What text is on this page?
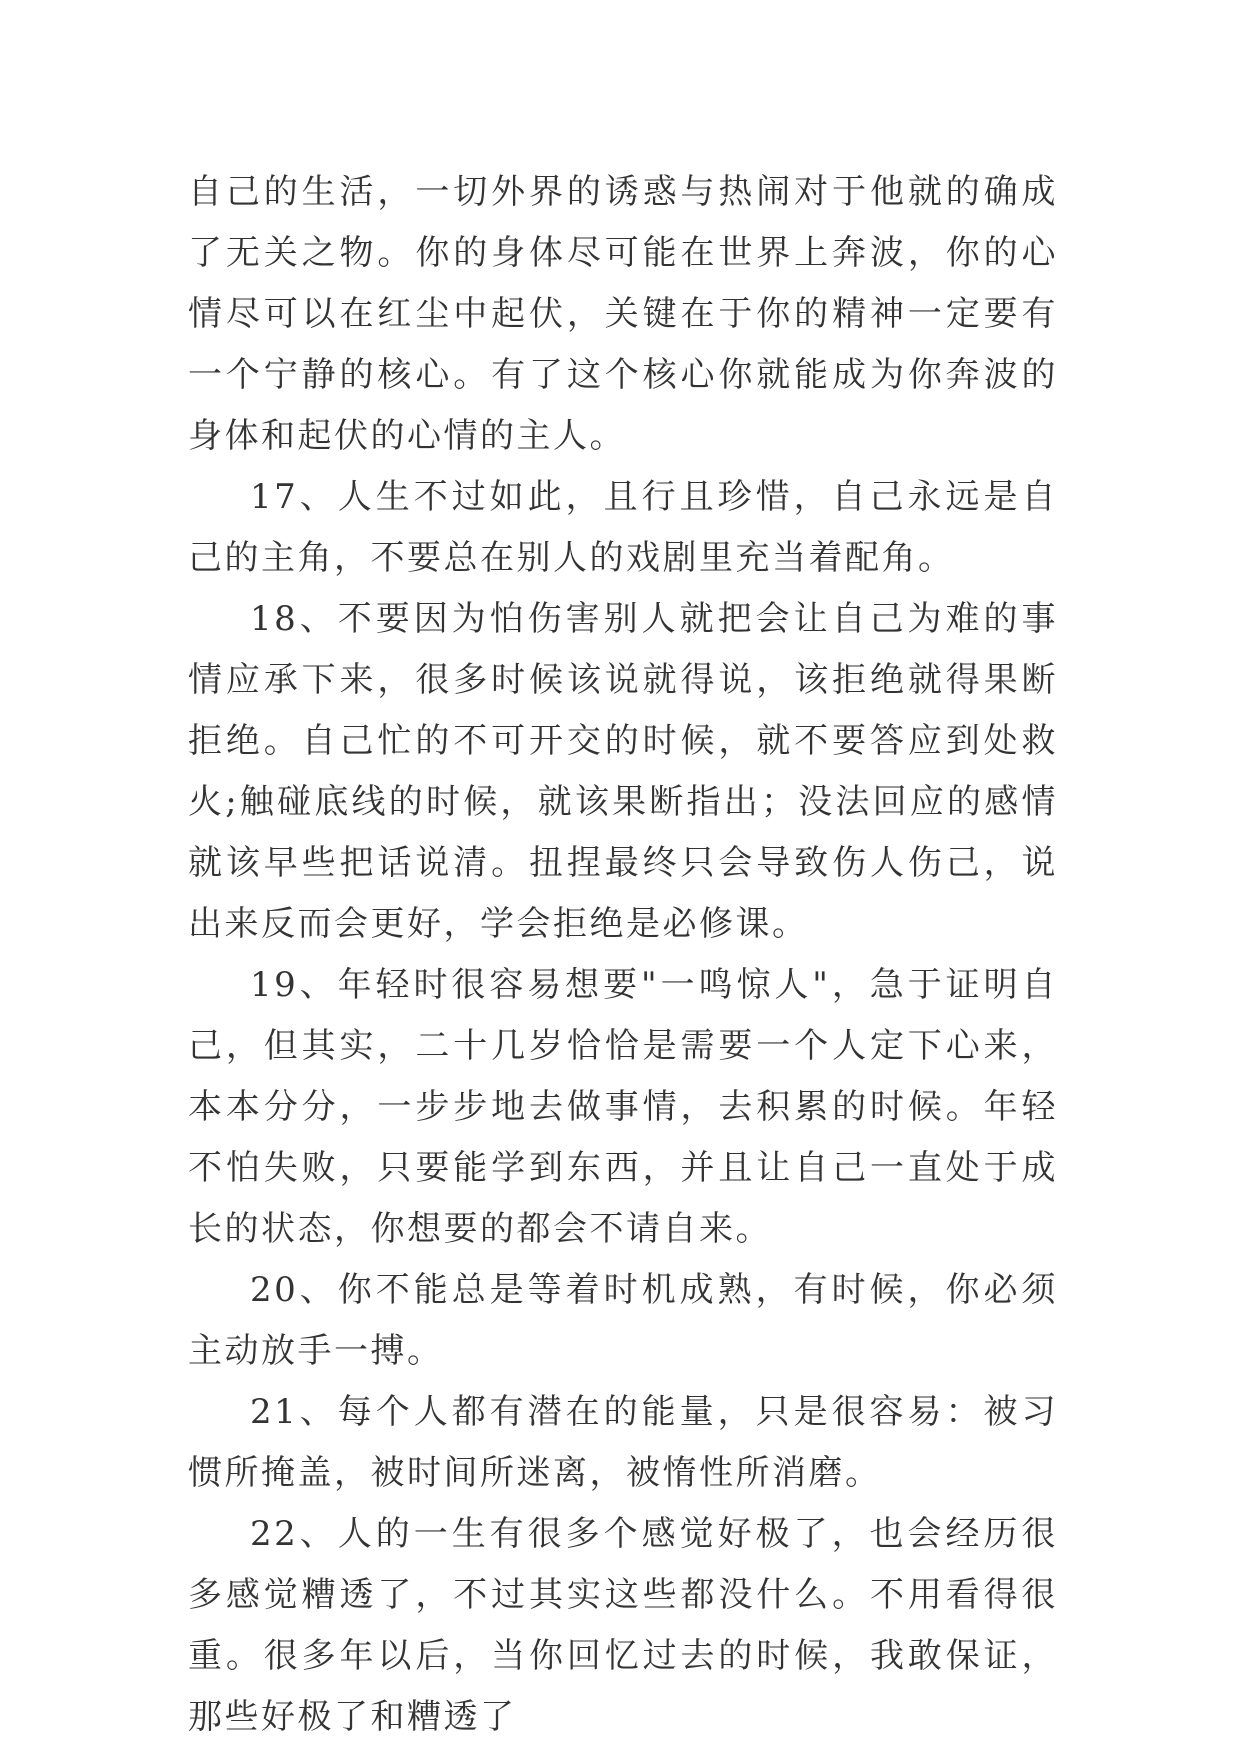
自己的生活，一切外界的诱惑与热闹对于他就的确成了无关之物。你的身体尽可能在世界上奔波，你的心情尽可以在红尘中起伏，关键在于你的精神一定要有一个宁静的核心。有了这个核心你就能成为你奔波的身体和起伏的心情的主人。

17、人生不过如此，且行且珍惜，自己永远是自己的主角，不要总在别人的戏剧里充当着配角。

18、不要因为怕伤害别人就把会让自己为难的事情应承下来，很多时候该说就得说，该拒绝就得果断拒绝。自己忙的不可开交的时候，就不要答应到处救火;触碰底线的时候，就该果断指出；没法回应的感情就该早些把话说清。扭捏最终只会导致伤人伤己，说出来反而会更好，学会拒绝是必修课。

19、年轻时很容易想要"一鸣惊人"，急于证明自己，但其实，二十几岁恰恰是需要一个人定下心来，本本分分，一步步地去做事情，去积累的时候。年轻不怕失败，只要能学到东西，并且让自己一直处于成长的状态，你想要的都会不请自来。

20、你不能总是等着时机成熟，有时候，你必须主动放手一搏。

21、每个人都有潜在的能量，只是很容易：被习惯所掩盖，被时间所迷离，被惰性所消磨。

22、人的一生有很多个感觉好极了，也会经历很多感觉糟透了，不过其实这些都没什么。不用看得很重。很多年以后，当你回忆过去的时候，我敢保证，那些好极了和糟透了
